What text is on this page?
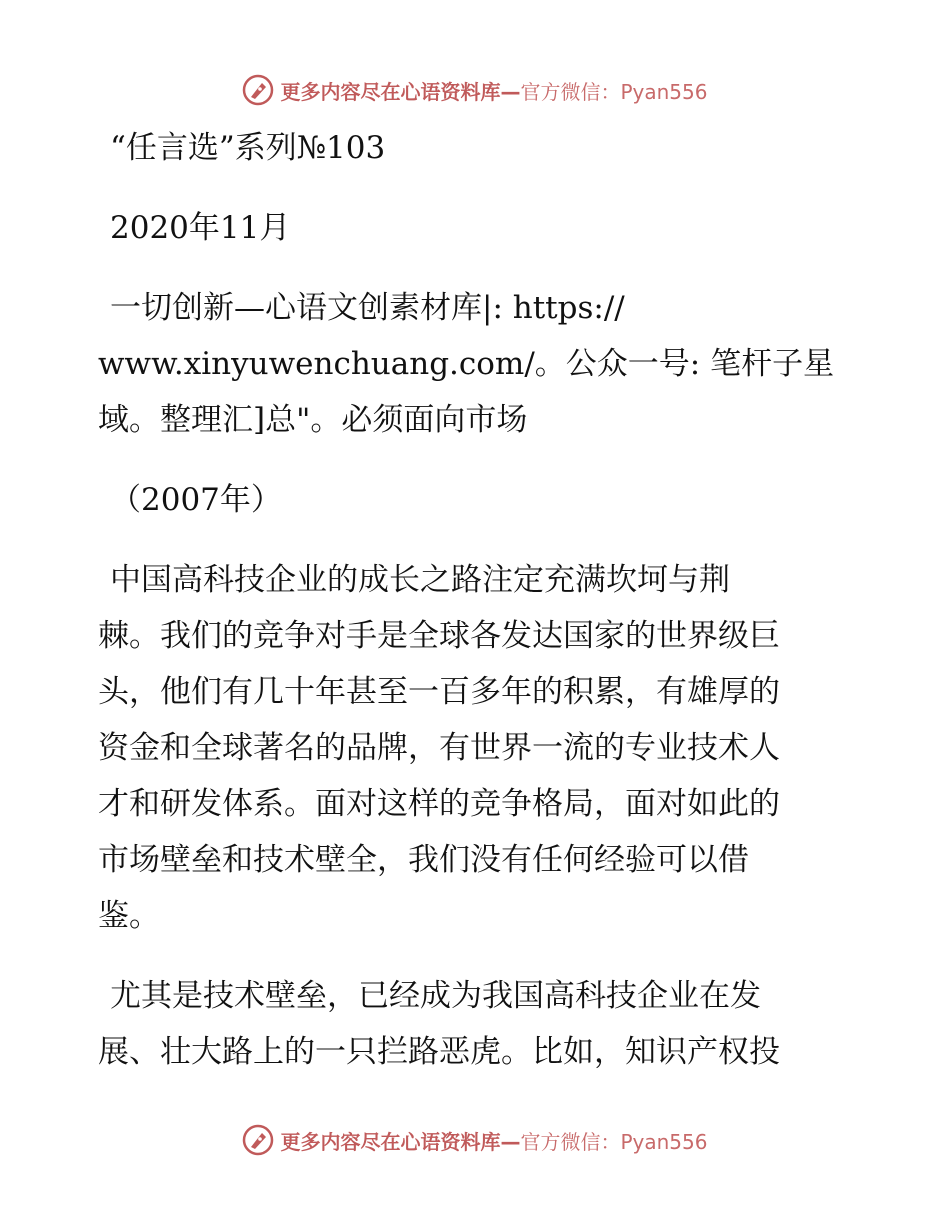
更多内容尽在心语资料库—官方微信：Pyan556

“任言选”系列№103

2020年11月

一切创新—心语文创素材库|: https://
www.xinyuwenchuang.com/。公众一号: 笔杆子星
域。整理汇]总"。必须面向市场

（2007年）

中国高科技企业的成长之路注定充满坎坷与荆
棘。我们的竞争对手是全球各发达国家的世界级巨
头，他们有几十年甚至一百多年的积累，有雄厚的
资金和全球著名的品牌，有世界一流的专业技术人
才和研发体系。面对这样的竞争格局，面对如此的
市场壁垒和技术壁全，我们没有任何经验可以借
鉴。

尤其是技术壁垒，已经成为我国高科技企业在发
展、壮大路上的一只拦路恶虎。比如，知识产权投

更多内容尽在心语资料库—官方微信：Pyan556
